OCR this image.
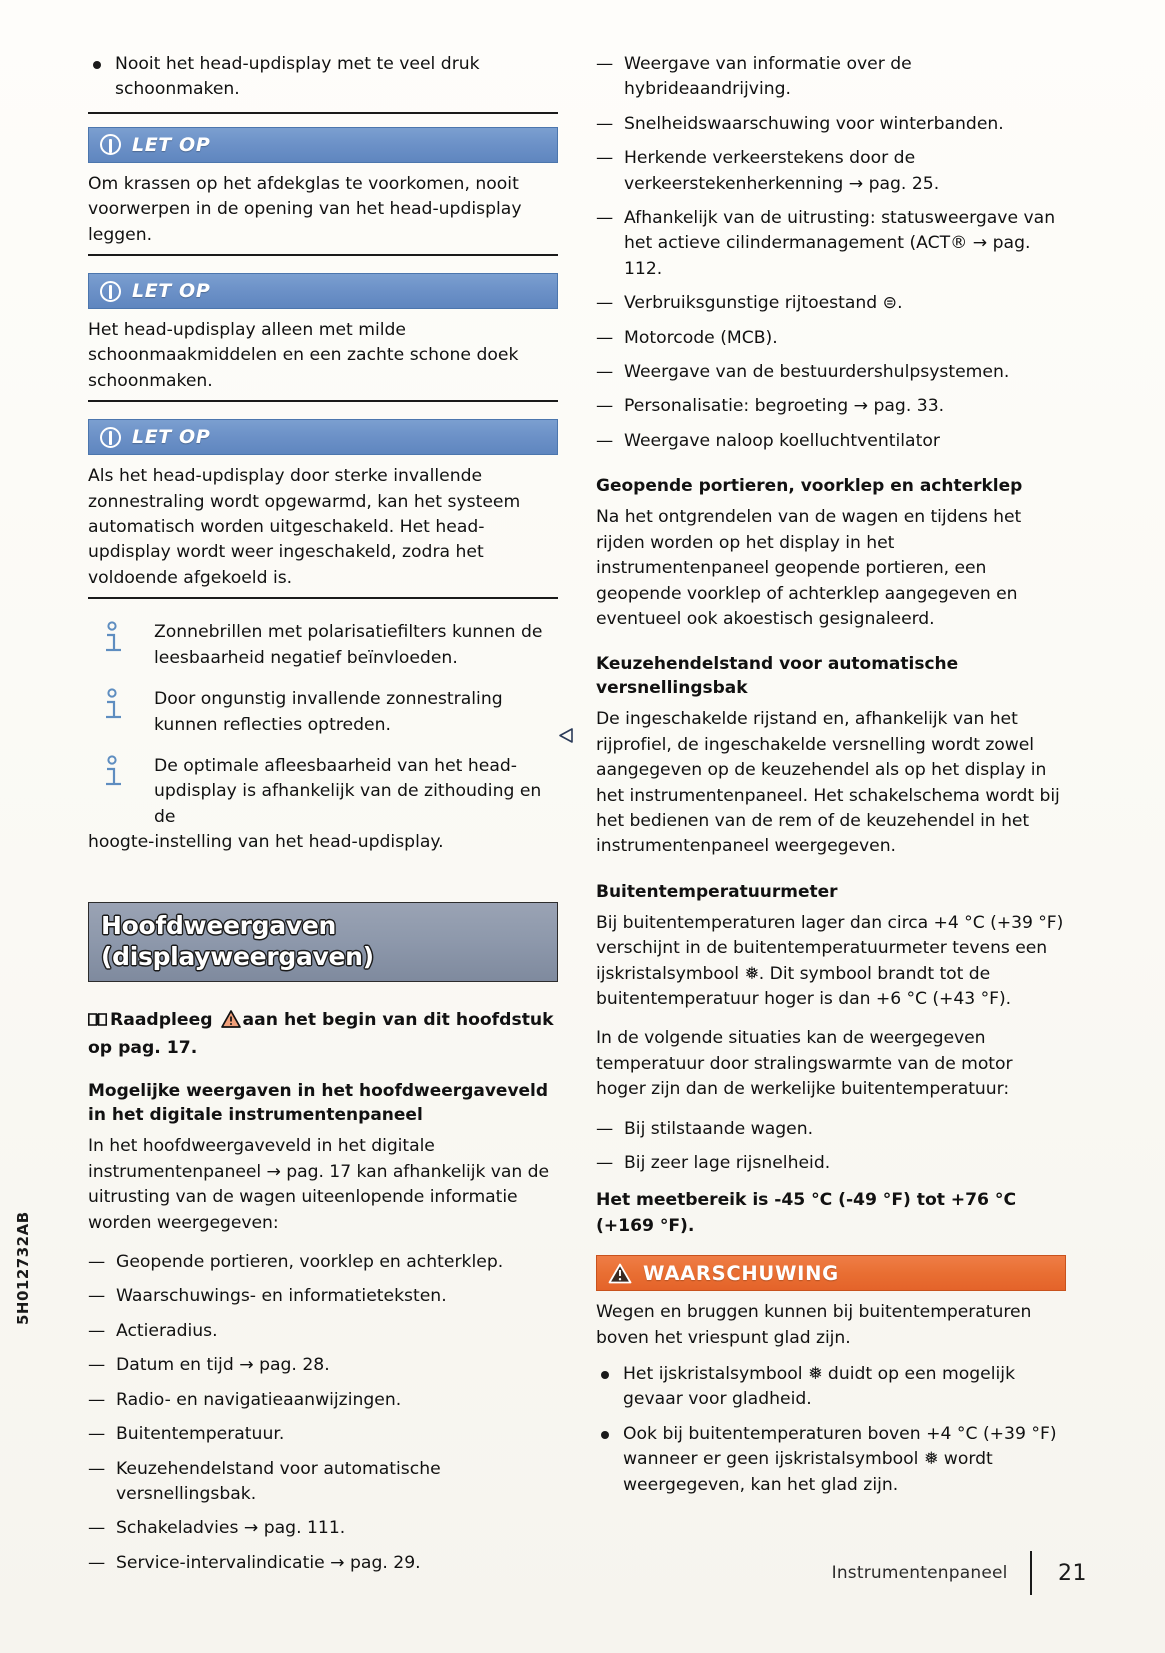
5H012732AB
Nooit het head-updisplay met te veel druk schoonmaken.
LET OP
Om krassen op het afdekglas te voorkomen, nooit voorwerpen in de opening van het head-updisplay leggen.
LET OP
Het head-updisplay alleen met milde schoonmaakmiddelen en een zachte schone doek schoonmaken.
LET OP
Als het head-updisplay door sterke invallende zonnestraling wordt opgewarmd, kan het systeem automatisch worden uitgeschakeld. Het head-updisplay wordt weer ingeschakeld, zodra het voldoende afgekoeld is.
Zonnebrillen met polarisatiefilters kunnen de leesbaarheid negatief beïnvloeden.
Door ongunstig invallende zonnestraling kunnen reflecties optreden.
De optimale afleesbaarheid van het head-updisplay is afhankelijk van de zithouding en de
hoogte-instelling van het head-updisplay.
Hoofdweergaven (displayweergaven)
Raadpleeg aan het begin van dit hoofdstuk op pag. 17.
Mogelijke weergaven in het hoofdweergaveveld in het digitale instrumentenpaneel

In het hoofdweergaveveld in het digitale instrumentenpaneel → pag. 17 kan afhankelijk van de uitrusting van de wagen uiteenlopende informatie worden weergegeven:

— Geopende portieren, voorklep en achterklep.
— Waarschuwings- en informatieteksten.
— Actieradius.
— Datum en tijd → pag. 28.
— Radio- en navigatieaanwijzingen.
— Buitentemperatuur.
— Keuzehendelstand voor automatische versnellingsbak.
— Schakeladvies → pag. 111.
— Service-intervalindicatie → pag. 29.
— Weergave van informatie over de hybrideaandrijving.
— Snelheidswaarschuwing voor winterbanden.
— Herkende verkeerstekens door de verkeerstekenherkenning → pag. 25.
— Afhankelijk van de uitrusting: statusweergave van het actieve cilindermanagement (ACT® → pag. 112.
— Verbruiksgunstige rijtoestand ⊜.
— Motorcode (MCB).
— Weergave van de bestuurdershulpsystemen.
— Personalisatie: begroeting → pag. 33.
— Weergave naloop koelluchtventilator
Geopende portieren, voorklep en achterklep

Na het ontgrendelen van de wagen en tijdens het rijden worden op het display in het instrumentenpaneel geopende portieren, een geopende voorklep of achterklep aangegeven en eventueel ook akoestisch gesignaleerd.

Keuzehendelstand voor automatische versnellingsbak

De ingeschakelde rijstand en, afhankelijk van het rijprofiel, de ingeschakelde versnelling wordt zowel aangegeven op de keuzehendel als op het display in het instrumentenpaneel. Het schakelschema wordt bij het bedienen van de rem of de keuzehendel in het instrumentenpaneel weergegeven.

Buitentemperatuurmeter

Bij buitentemperaturen lager dan circa +4 °C (+39 °F) verschijnt in de buitentemperatuurmeter tevens een ijskristalsymbool ❅. Dit symbool brandt tot de buitentemperatuur hoger is dan +6 °C (+43 °F).

In de volgende situaties kan de weergegeven temperatuur door stralingswarmte van de motor hoger zijn dan de werkelijke buitentemperatuur:

— Bij stilstaande wagen.
— Bij zeer lage rijsnelheid.

Het meetbereik is -45 °C (-49 °F) tot +76 °C (+169 °F).

WAARSCHUWING

Wegen en bruggen kunnen bij buitentemperaturen boven het vriespunt glad zijn.

Het ijskristalsymbool ❅ duidt op een mogelijk gevaar voor gladheid.
Ook bij buitentemperaturen boven +4 °C (+39 °F) wanneer er geen ijskristalsymbool ❅ wordt weergegeven, kan het glad zijn.
Instrumentenpaneel	21
